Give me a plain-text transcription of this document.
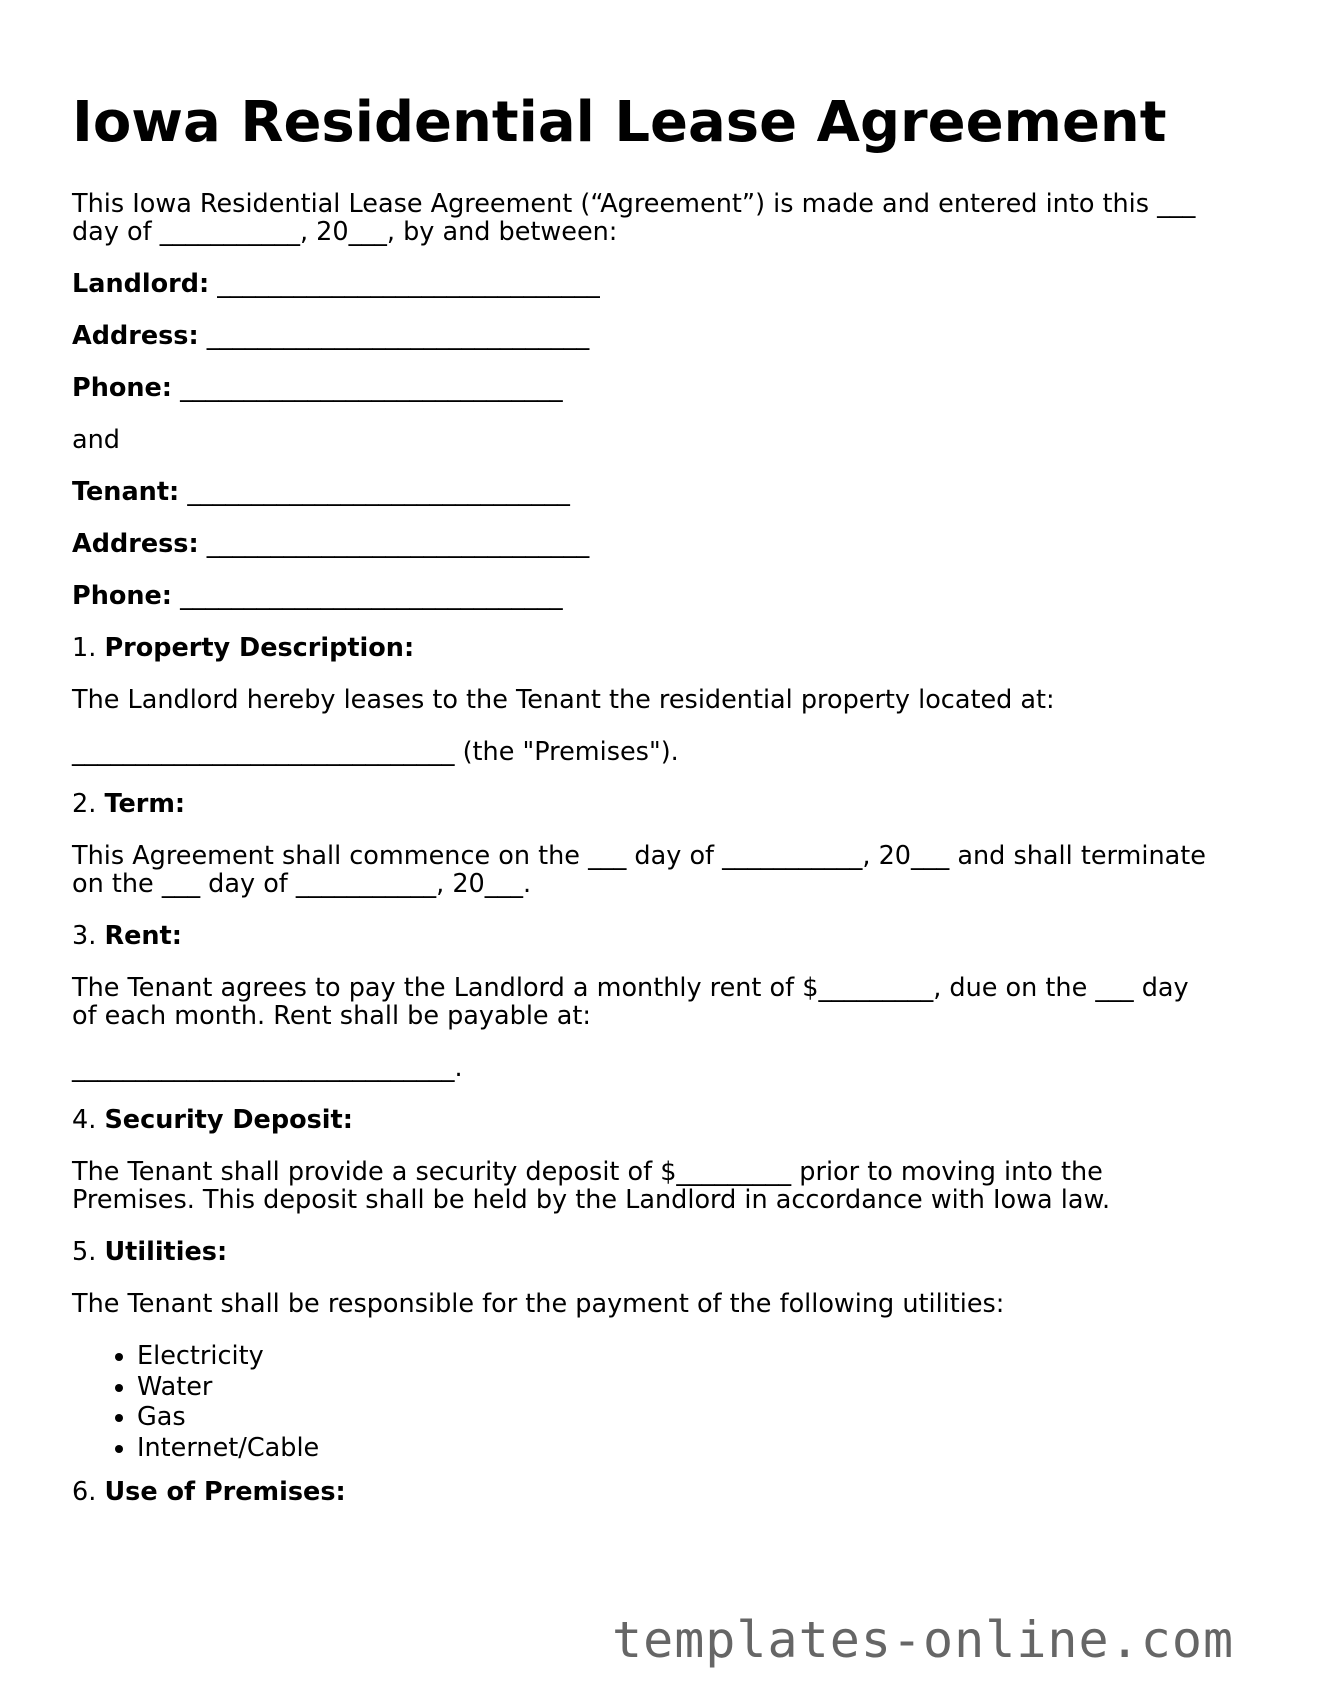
Iowa Residential Lease Agreement

This Iowa Residential Lease Agreement (“Agreement”) is made and entered into this ___

day of ___________, 20___, by and between:

Landlord: ______________________________

Address: ______________________________

Phone: ______________________________

and

Tenant: ______________________________

Address: ______________________________

Phone: ______________________________

1. Property Description:

The Landlord hereby leases to the Tenant the residential property located at:

______________________________ (the "Premises").

2. Term:

This Agreement shall commence on the ___ day of ___________, 20___ and shall terminate

on the ___ day of ___________, 20___.

3. Rent:

The Tenant agrees to pay the Landlord a monthly rent of $_________, due on the ___ day

of each month. Rent shall be payable at:

______________________________.

4. Security Deposit:

The Tenant shall provide a security deposit of $_________ prior to moving into the

Premises. This deposit shall be held by the Landlord in accordance with Iowa law.

5. Utilities:

The Tenant shall be responsible for the payment of the following utilities:

• Electricity
• Water
• Gas
• Internet/Cable

6. Use of Premises:

templates-online.com
